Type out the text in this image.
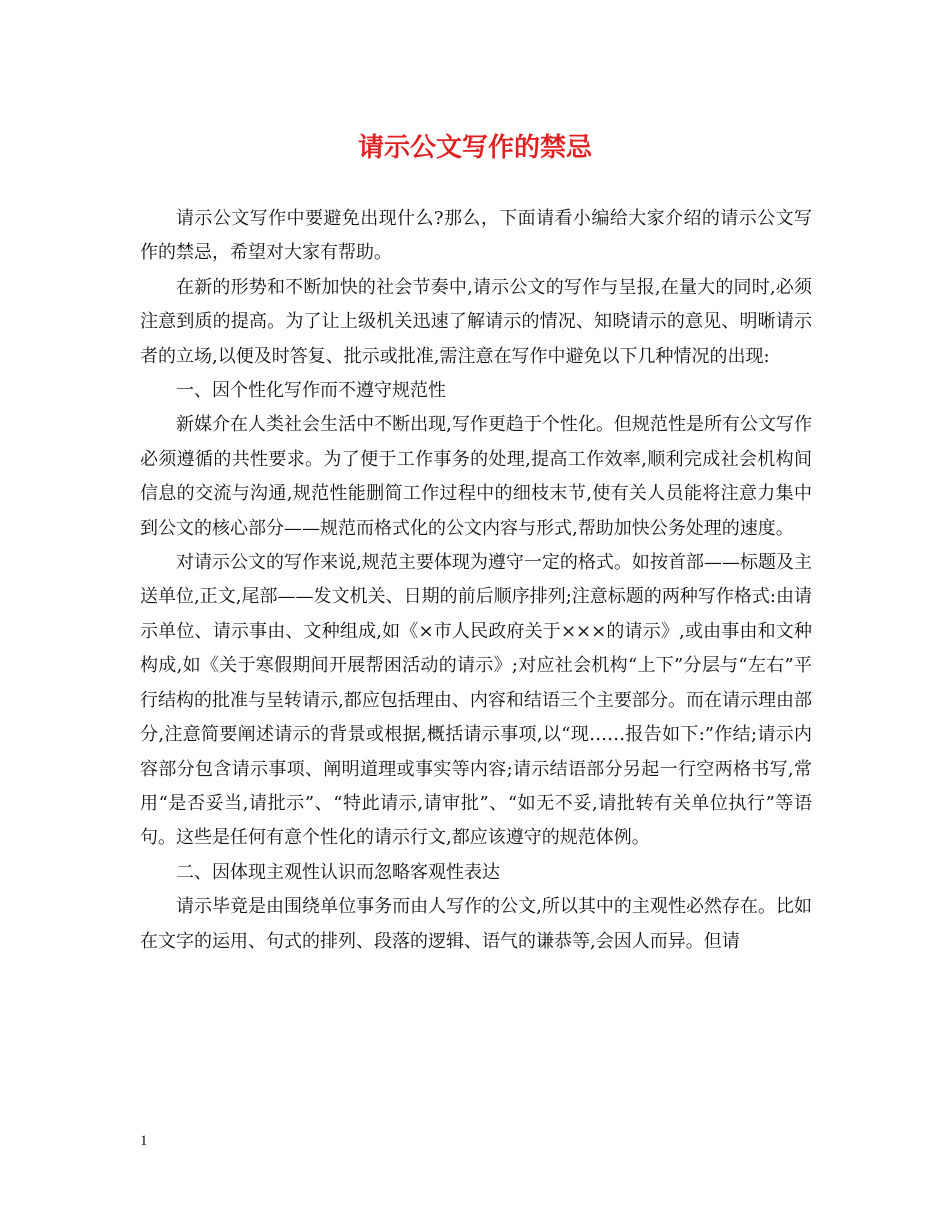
请示公文写作的禁忌

请示公文写作中要避免出现什么?那么，下面请看小编给大家介绍的请示公文写作的禁忌，希望对大家有帮助。

在新的形势和不断加快的社会节奏中,请示公文的写作与呈报,在量大的同时,必须注意到质的提高。为了让上级机关迅速了解请示的情况、知晓请示的意见、明晰请示者的立场,以便及时答复、批示或批准,需注意在写作中避免以下几种情况的出现:

一、因个性化写作而不遵守规范性

新媒介在人类社会生活中不断出现,写作更趋于个性化。但规范性是所有公文写作必须遵循的共性要求。为了便于工作事务的处理,提高工作效率,顺利完成社会机构间信息的交流与沟通,规范性能删简工作过程中的细枝末节,使有关人员能将注意力集中到公文的核心部分——规范而格式化的公文内容与形式,帮助加快公务处理的速度。

对请示公文的写作来说,规范主要体现为遵守一定的格式。如按首部——标题及主送单位,正文,尾部——发文机关、日期的前后顺序排列;注意标题的两种写作格式:由请示单位、请示事由、文种组成,如《×市人民政府关于×××的请示》,或由事由和文种构成,如《关于寒假期间开展帮困活动的请示》;对应社会机构“上下”分层与“左右”平行结构的批准与呈转请示,都应包括理由、内容和结语三个主要部分。而在请示理由部分,注意简要阐述请示的背景或根据,概括请示事项,以“现……报告如下:”作结;请示内容部分包含请示事项、阐明道理或事实等内容;请示结语部分另起一行空两格书写,常用“是否妥当,请批示”、“特此请示,请审批”、“如无不妥,请批转有关单位执行”等语句。这些是任何有意个性化的请示行文,都应该遵守的规范体例。

二、因体现主观性认识而忽略客观性表达

请示毕竟是由围绕单位事务而由人写作的公文,所以其中的主观性必然存在。比如在文字的运用、句式的排列、段落的逻辑、语气的谦恭等,会因人而异。但请

1
